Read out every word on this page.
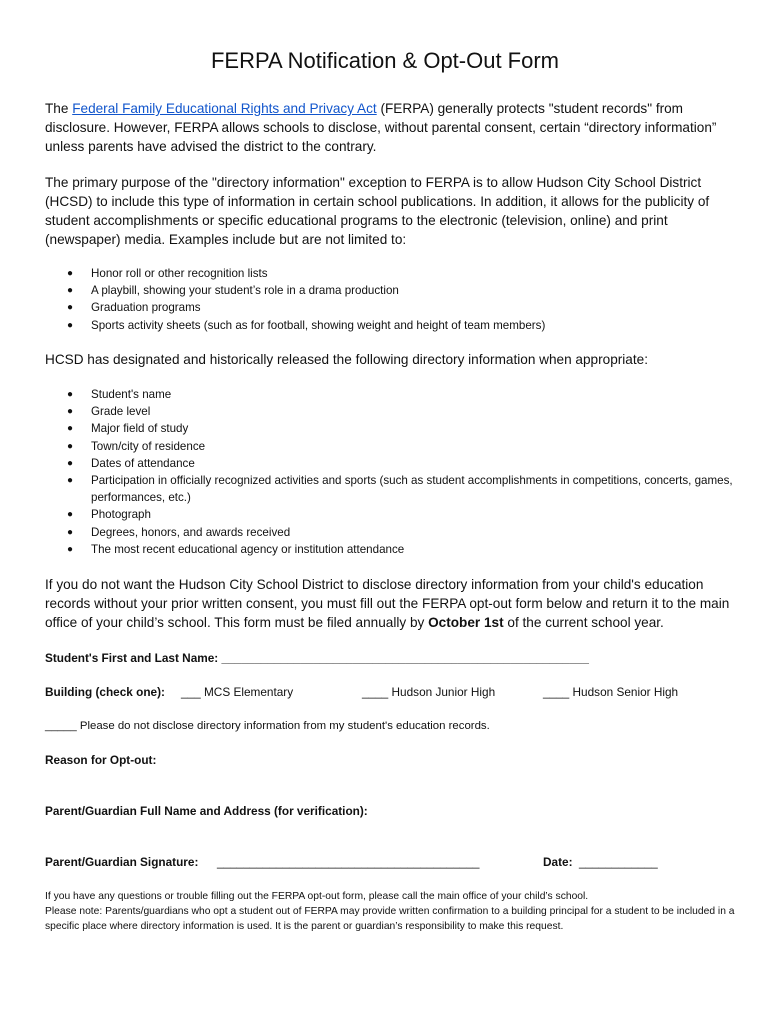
FERPA Notification & Opt-Out Form

The Federal Family Educational Rights and Privacy Act (FERPA) generally protects "student records" from disclosure. However, FERPA allows schools to disclose, without parental consent, certain “directory information” unless parents have advised the district to the contrary.

The primary purpose of the "directory information" exception to FERPA is to allow Hudson City School District (HCSD) to include this type of information in certain school publications. In addition, it allows for the publicity of student accomplishments or specific educational programs to the electronic (television, online) and print (newspaper) media. Examples include but are not limited to:

● Honor roll or other recognition lists
● A playbill, showing your student’s role in a drama production
● Graduation programs
● Sports activity sheets (such as for football, showing weight and height of team members)

HCSD has designated and historically released the following directory information when appropriate:

● Student's name
● Grade level
● Major field of study
● Town/city of residence
● Dates of attendance
● Participation in officially recognized activities and sports (such as student accomplishments in competitions, concerts, games, performances, etc.)
● Photograph
● Degrees, honors, and awards received
● The most recent educational agency or institution attendance

If you do not want the Hudson City School District to disclose directory information from your child's education records without your prior written consent, you must fill out the FERPA opt-out form below and return it to the main office of your child’s school. This form must be filed annually by October 1st of the current school year.

Student's First and Last Name: ________________________________________________________
Building (check one): ___ MCS Elementary	____ Hudson Junior High	____ Hudson Senior High
_____ Please do not disclose directory information from my student's education records.
Reason for Opt-out:
Parent/Guardian Full Name and Address (for verification):
Parent/Guardian Signature: ________________________________________	Date: ____________

If you have any questions or trouble filling out the FERPA opt-out form, please call the main office of your child’s school.

Please note: Parents/guardians who opt a student out of FERPA may provide written confirmation to a building principal for a student to be included in a specific place where directory information is used. It is the parent or guardian’s responsibility to make this request.
